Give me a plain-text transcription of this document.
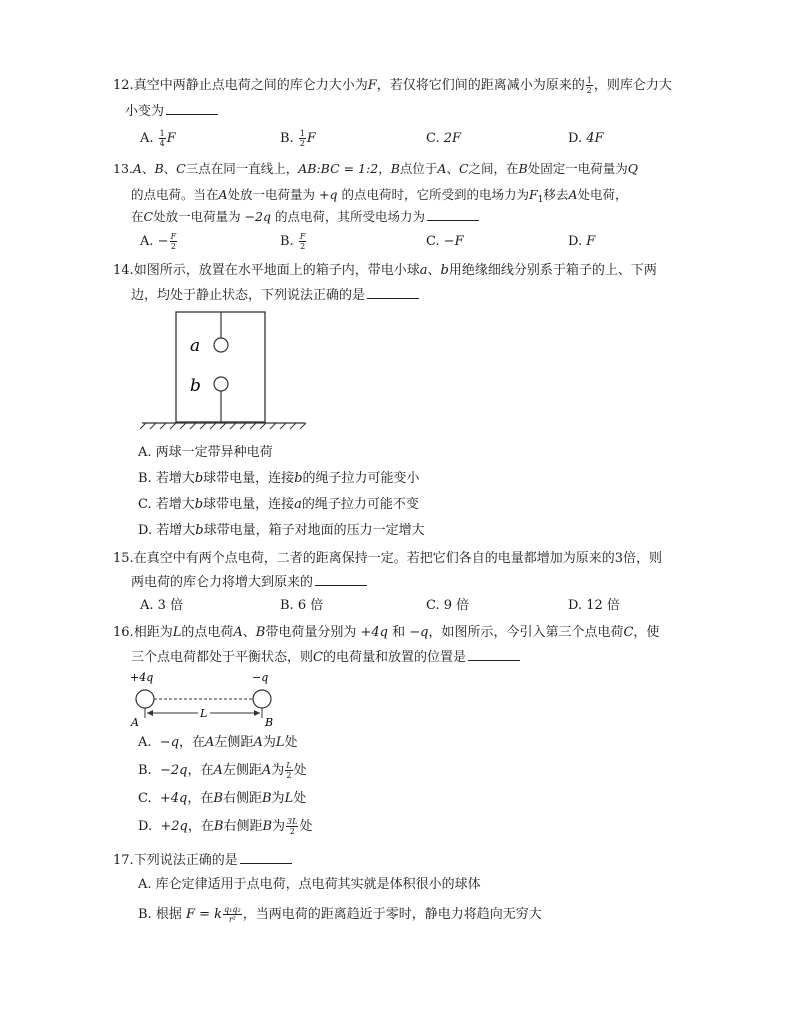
12.真空中两静止点电荷之间的库仑力大小为F，若仅将它们间的距离减小为原来的 $\frac{1}{2}$ ，则库仑力大
小变为
A. $\frac{1}{4}$ F	B. $\frac{1}{2}$ F	C. 2F	D. 4F
13.A、B、C三点在同一直线上，AB:BC = 1:2，B点位于A、C之间，在B处固定一电荷量为Q
的点电荷。当在A处放一电荷量为 +q 的点电荷时，它所受到的电场力为$F_1$移去A处电荷，
在C处放一电荷量为 −2q 的点电荷，其所受电场力为
A. − $\frac{F}{2}$	B. $\frac{F}{2}$	C. −F	D. F
14.如图所示，放置在水平地面上的箱子内，带电小球a、b用绝缘细线分别系于箱子的上、下两
边，均处于静止状态，下列说法正确的是
a
b
A. 两球一定带异种电荷
B. 若增大b球带电量，连接b的绳子拉力可能变小
C. 若增大b球带电量，连接a的绳子拉力可能不变
D. 若增大b球带电量，箱子对地面的压力一定增大
15.在真空中有两个点电荷，二者的距离保持一定。若把它们各自的电量都增加为原来的3倍，则
两电荷的库仑力将增大到原来的
A. 3 倍	B. 6 倍	C. 9 倍	D. 12 倍
16.相距为L的点电荷A、B带电荷量分别为 +4q 和 −q，如图所示，今引入第三个点电荷C，使
三个点电荷都处于平衡状态，则C的电荷量和放置的位置是
+4q	−q
L
A	B
A. −q，在A左侧距A为L处
B. −2q，在A左侧距A为 $\frac{L}{2}$ 处
C. +4q，在B右侧距B为L处
D. +2q，在B右侧距B为 $\frac{3L}{2}$ 处
17.下列说法正确的是
A. 库仑定律适用于点电荷，点电荷其实就是体积很小的球体
B. 根据 F = k $\frac{\text{q₁q₂}}{\text{r²}}$ ，当两电荷的距离趋近于零时，静电力将趋向无穷大
